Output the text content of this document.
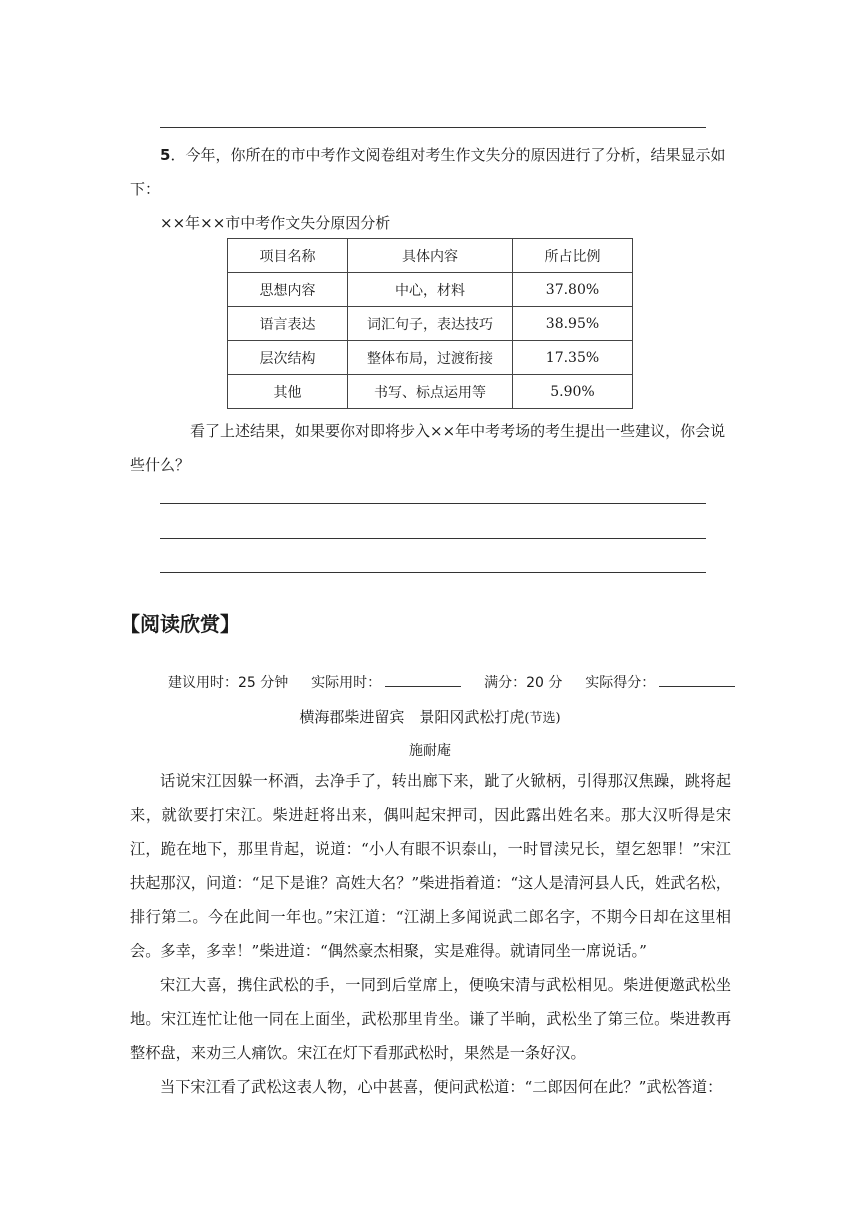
5．今年，你所在的市中考作文阅卷组对考生作文失分的原因进行了分析，结果显示如
下：
××年××市中考作文失分原因分析
项目名称	具体内容	所占比例
思想内容	中心，材料	37.80%
语言表达	词汇句子，表达技巧	38.95%
层次结构	整体布局，过渡衔接	17.35%
其他	书写、标点运用等	5.90%
看了上述结果，如果要你对即将步入××年中考考场的考生提出一些建议，你会说
些什么？
【阅读欣赏】
建议用时：25 分钟 实际用时：	满分：20 分 实际得分：
横海郡柴进留宾　景阳冈武松打虎(节选)
施耐庵
话说宋江因躲一杯酒，去净手了，转出廊下来，跐了火锨柄，引得那汉焦躁，跳将起来，就欲要打宋江。柴进赶将出来，偶叫起宋押司，因此露出姓名来。那大汉听得是宋江，跪在地下，那里肯起，说道：“小人有眼不识泰山，一时冒渎兄长，望乞恕罪！”宋江扶起那汉，问道：“足下是谁？高姓大名？”柴进指着道：“这人是清河县人氏，姓武名松，排行第二。今在此间一年也。”宋江道：“江湖上多闻说武二郎名字，不期今日却在这里相会。多幸，多幸！”柴进道：“偶然豪杰相聚，实是难得。就请同坐一席说话。”
宋江大喜，携住武松的手，一同到后堂席上，便唤宋清与武松相见。柴进便邀武松坐地。宋江连忙让他一同在上面坐，武松那里肯坐。谦了半晌，武松坐了第三位。柴进教再整杯盘，来劝三人痛饮。宋江在灯下看那武松时，果然是一条好汉。
当下宋江看了武松这表人物，心中甚喜，便问武松道：“二郎因何在此？”武松答道：
